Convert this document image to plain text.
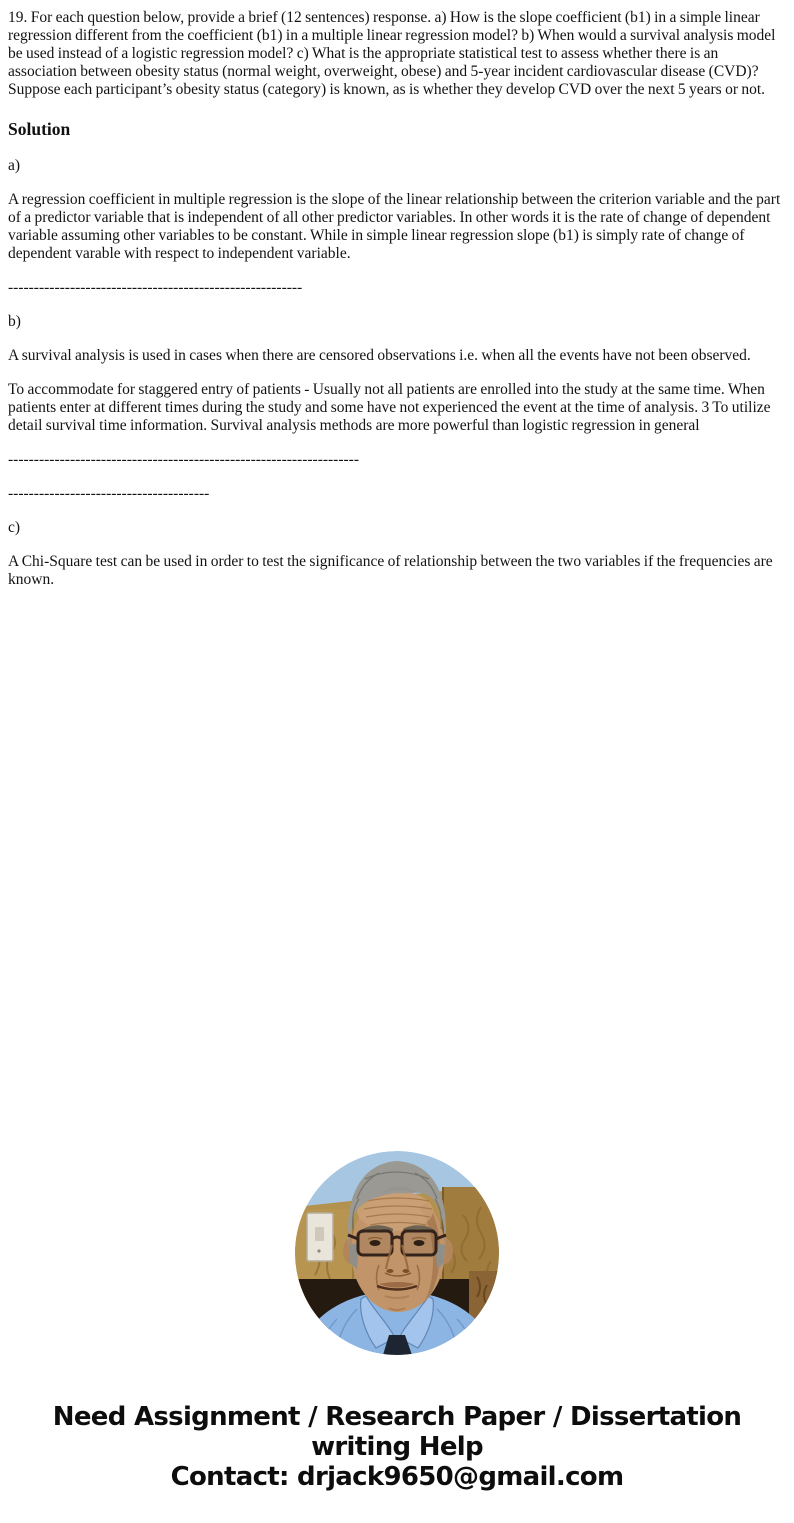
19. For each question below, provide a brief (12 sentences) response. a) How is the slope coefficient (b1) in a simple linear regression different from the coefficient (b1) in a multiple linear regression model? b) When would a survival analysis model be used instead of a logistic regression model? c) What is the appropriate statistical test to assess whether there is an association between obesity status (normal weight, overweight, obese) and 5-year incident cardiovascular disease (CVD)? Suppose each participant’s obesity status (category) is known, as is whether they develop CVD over the next 5 years or not.

Solution

a)

A regression coefficient in multiple regression is the slope of the linear relationship between the criterion variable and the part of a predictor variable that is independent of all other predictor variables. In other words it is the rate of change of dependent variable assuming other variables to be constant. While in simple linear regression slope (b1) is simply rate of change of dependent varable with respect to independent variable.

---------------------------------------------------------

b)

A survival analysis is used in cases when there are censored observations i.e. when all the events have not been observed.

To accommodate for staggered entry of patients - Usually not all patients are enrolled into the study at the same time. When patients enter at different times during the study and some have not experienced the event at the time of analysis. 3 To utilize detail survival time information. Survival analysis methods are more powerful than logistic regression in general

--------------------------------------------------------------------

---------------------------------------

c)

A Chi-Square test can be used in order to test the significance of relationship between the two variables if the frequencies are known.

Need Assignment / Research Paper / Dissertation
writing Help
Contact: drjack9650@gmail.com
